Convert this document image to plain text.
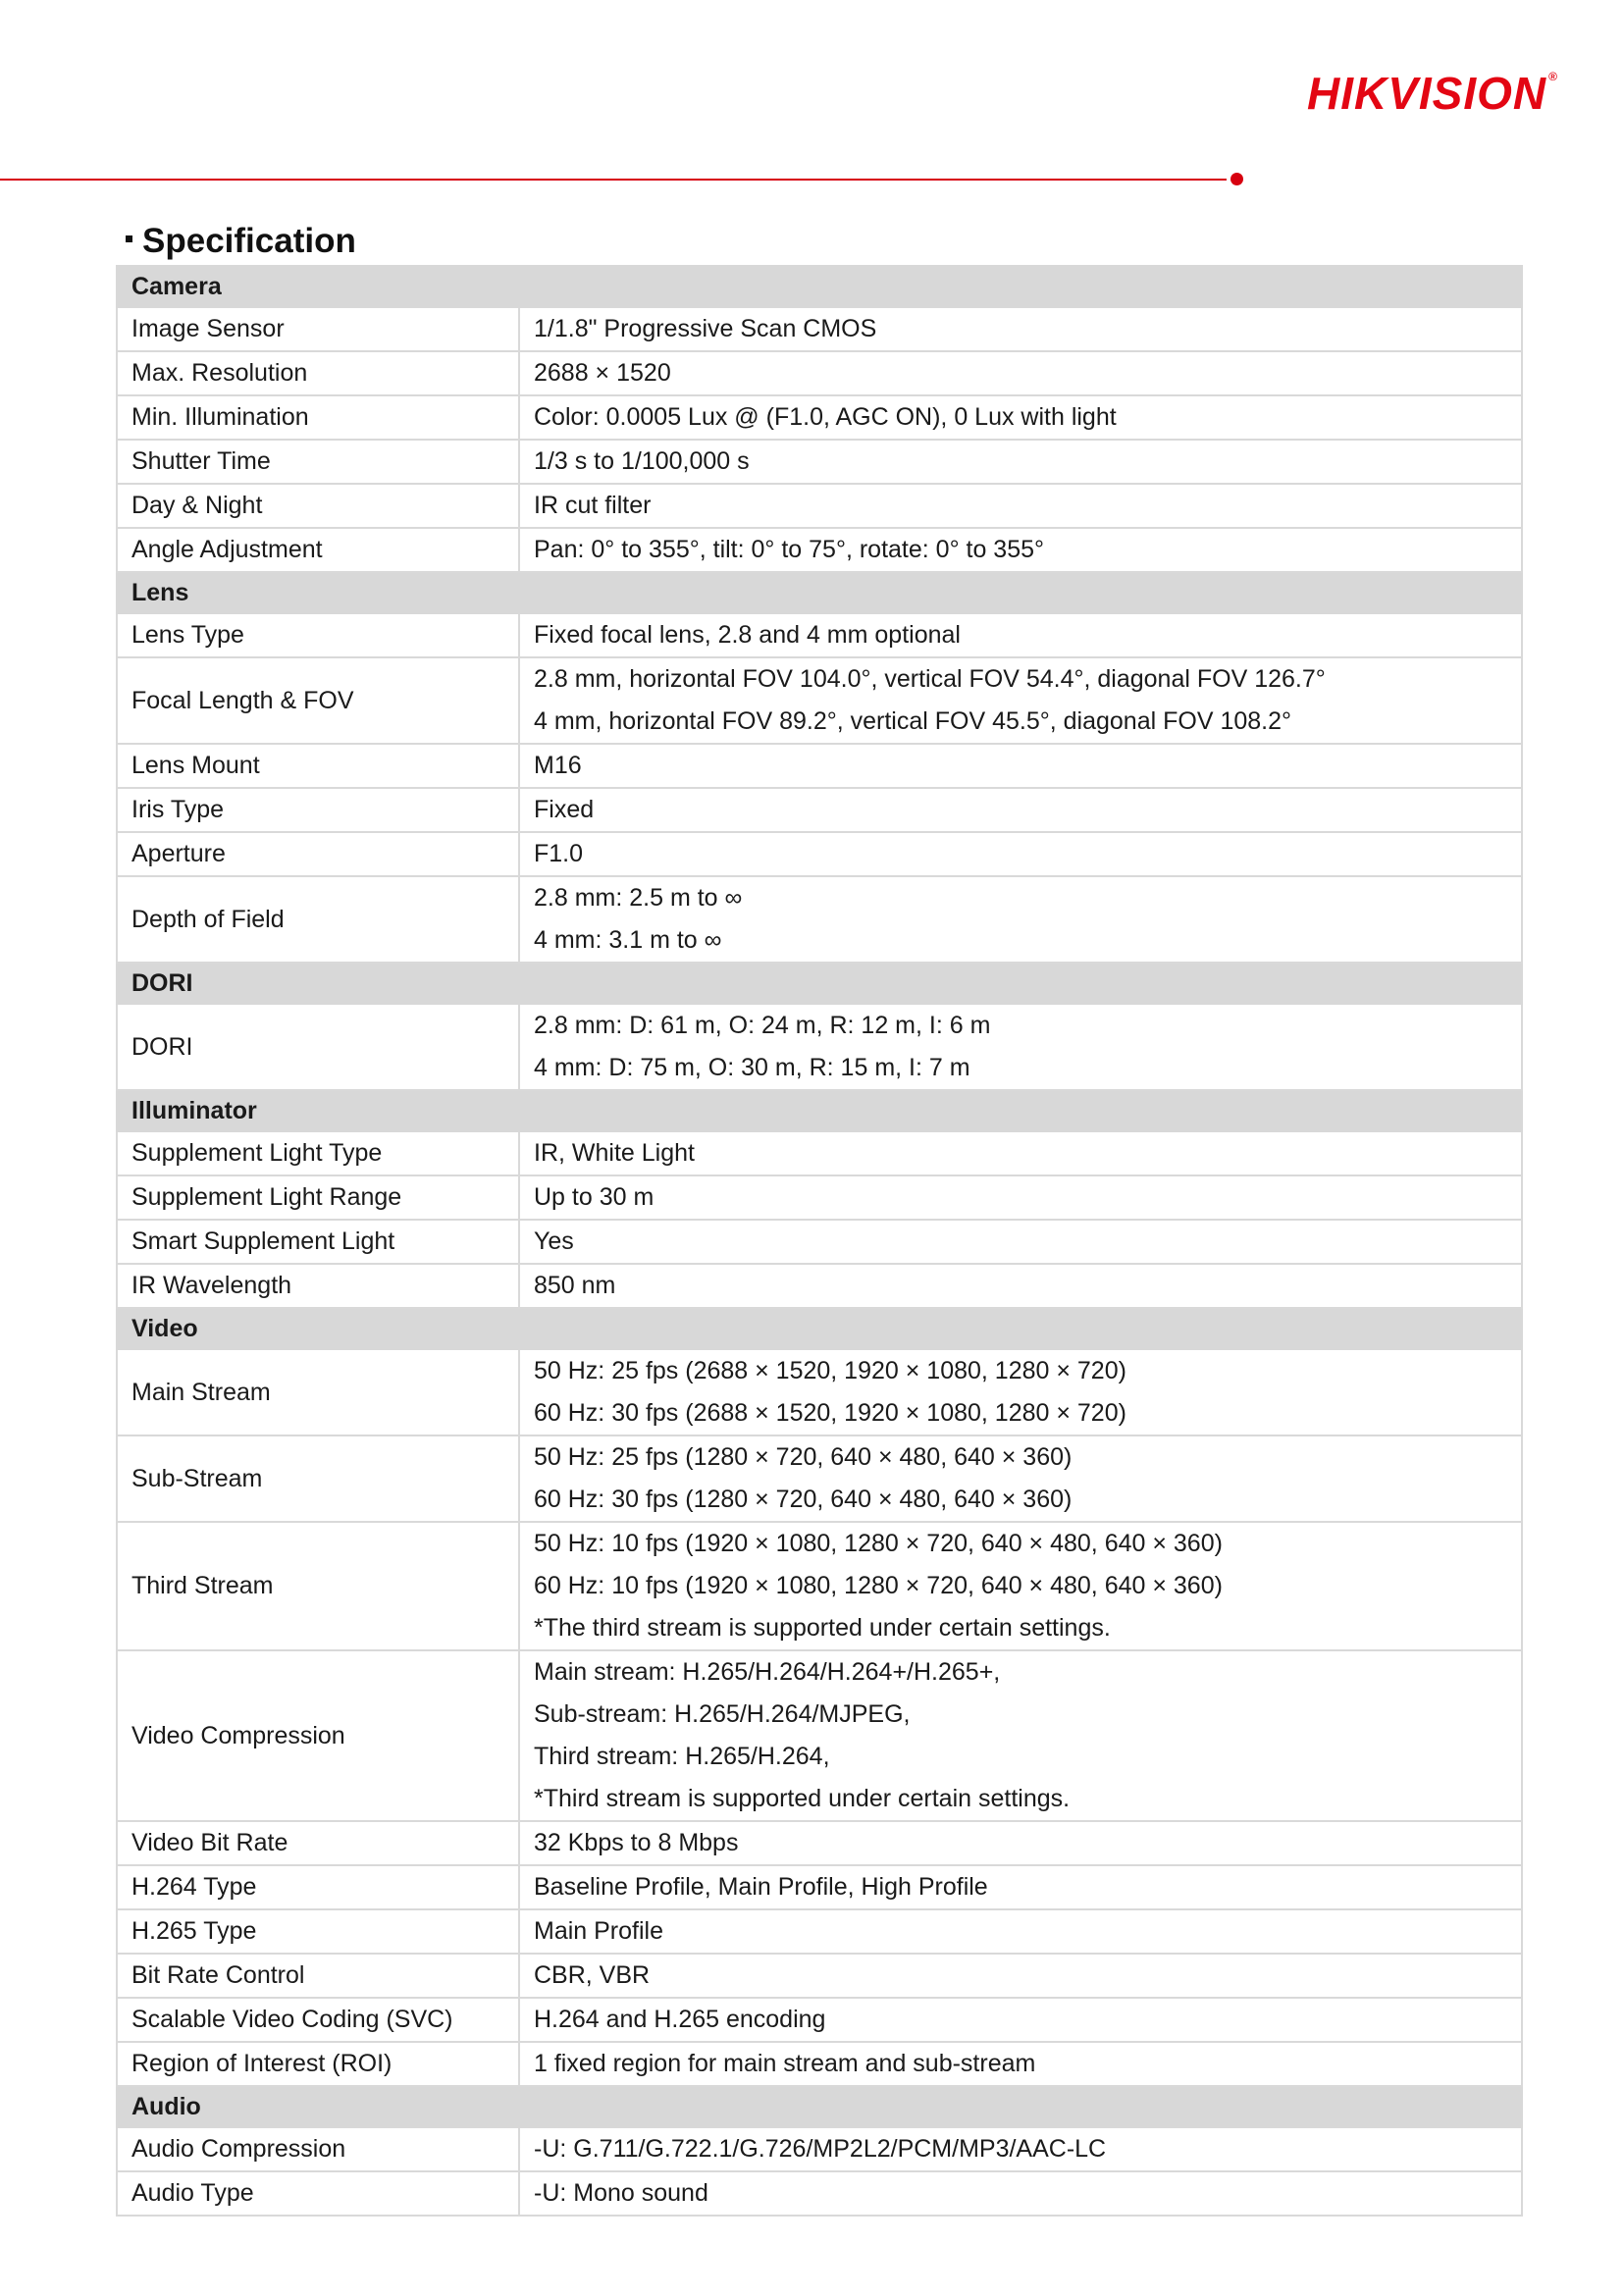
HIKVISION ®
Specification
Camera	
Image Sensor	1/1.8" Progressive Scan CMOS

Max. Resolution	2688 × 1520

Min. Illumination	Color: 0.0005 Lux @ (F1.0, AGC ON), 0 Lux with light

Shutter Time	1/3 s to 1/100,000 s

Day & Night	IR cut filter

Angle Adjustment	Pan: 0° to 355°, tilt: 0° to 75°, rotate: 0° to 355°

Lens	
Lens Type	Fixed focal lens, 2.8 and 4 mm optional

Focal Length & FOV	2.8 mm, horizontal FOV 104.0°, vertical FOV 54.4°, diagonal FOV 126.7°
4 mm, horizontal FOV 89.2°, vertical FOV 45.5°, diagonal FOV 108.2°

Lens Mount	M16

Iris Type	Fixed

Aperture	F1.0

Depth of Field	2.8 mm: 2.5 m to ∞
4 mm: 3.1 m to ∞

DORI	
DORI	2.8 mm: D: 61 m, O: 24 m, R: 12 m, I: 6 m
4 mm: D: 75 m, O: 30 m, R: 15 m, I: 7 m

Illuminator	
Supplement Light Type	IR, White Light

Supplement Light Range	Up to 30 m

Smart Supplement Light	Yes

IR Wavelength	850 nm

Video	
Main Stream	50 Hz: 25 fps (2688 × 1520, 1920 × 1080, 1280 × 720)
60 Hz: 30 fps (2688 × 1520, 1920 × 1080, 1280 × 720)

Sub-Stream	50 Hz: 25 fps (1280 × 720, 640 × 480, 640 × 360)
60 Hz: 30 fps (1280 × 720, 640 × 480, 640 × 360)

Third Stream	50 Hz: 10 fps (1920 × 1080, 1280 × 720, 640 × 480, 640 × 360)
60 Hz: 10 fps (1920 × 1080, 1280 × 720, 640 × 480, 640 × 360)
*The third stream is supported under certain settings.

Video Compression	Main stream: H.265/H.264/H.264+/H.265+,
Sub-stream: H.265/H.264/MJPEG,
Third stream: H.265/H.264,
*Third stream is supported under certain settings.

Video Bit Rate	32 Kbps to 8 Mbps

H.264 Type	Baseline Profile, Main Profile, High Profile

H.265 Type	Main Profile

Bit Rate Control	CBR, VBR

Scalable Video Coding (SVC)	H.264 and H.265 encoding

Region of Interest (ROI)	1 fixed region for main stream and sub-stream

Audio	
Audio Compression	-U: G.711/G.722.1/G.726/MP2L2/PCM/MP3/AAC-LC

Audio Type	-U: Mono sound
